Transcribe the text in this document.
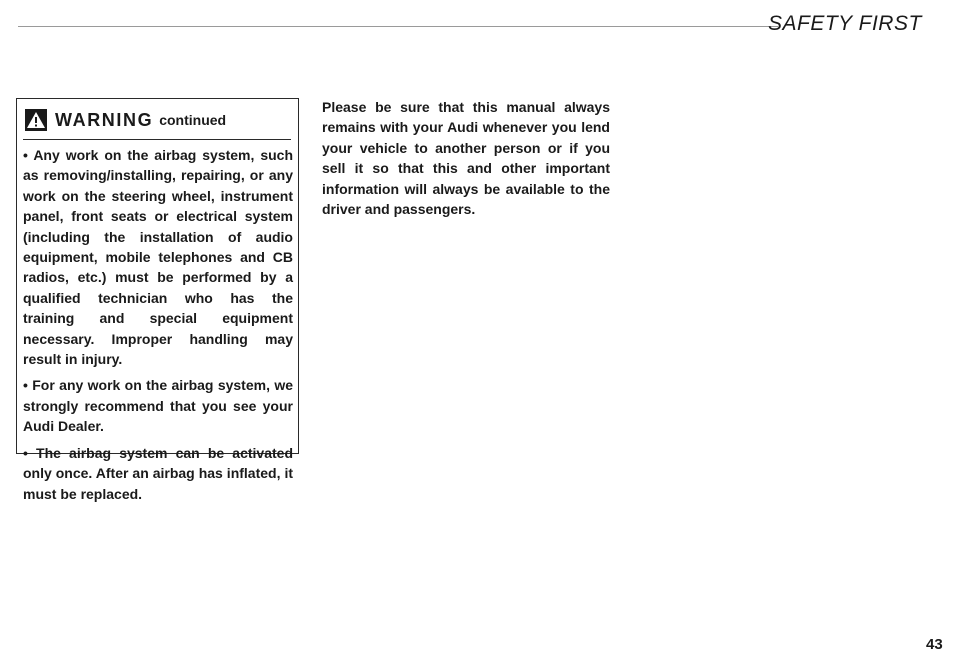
SAFETY FIRST
WARNING continued

• Any work on the airbag system, such as removing/installing, repairing, or any work on the steering wheel, instrument panel, front seats or electrical system (including the installation of audio equipment, mobile telephones and CB radios, etc.) must be performed by a qualified technician who has the training and special equipment necessary. Improper handling may result in injury.

• For any work on the airbag system, we strongly recommend that you see your Audi Dealer.

• The airbag system can be activated only once. After an airbag has inflated, it must be replaced.

Please be sure that this manual always remains with your Audi whenever you lend your vehicle to another person or if you sell it so that this and other important information will always be available to the driver and passengers.

43
